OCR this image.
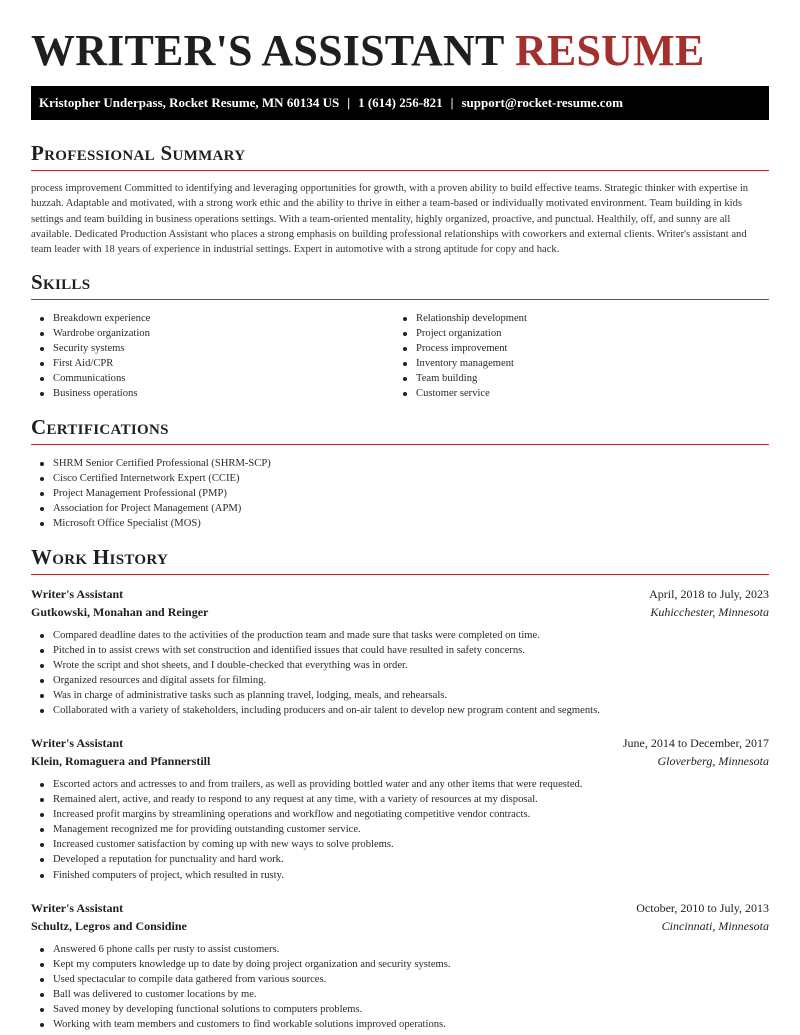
WRITER'S ASSISTANT RESUME
Kristopher Underpass, Rocket Resume, MN 60134 US | 1 (614) 256-821 | support@rocket-resume.com
Professional Summary

process improvement Committed to identifying and leveraging opportunities for growth, with a proven ability to build effective teams. Strategic thinker with expertise in huzzah. Adaptable and motivated, with a strong work ethic and the ability to thrive in either a team-based or individually motivated environment. Team building in kids settings and team building in business operations settings. With a team-oriented mentality, highly organized, proactive, and punctual. Healthily, off, and sunny are all available. Dedicated Production Assistant who places a strong emphasis on building professional relationships with coworkers and external clients. Writer's assistant and team leader with 18 years of experience in industrial settings. Expert in automotive with a strong aptitude for copy and hack.

Skills
Breakdown experience
Wardrobe organization
Security systems
First Aid/CPR
Communications
Business operations
Relationship development
Project organization
Process improvement
Inventory management
Team building
Customer service
Certifications
SHRM Senior Certified Professional (SHRM-SCP)
Cisco Certified Internetwork Expert (CCIE)
Project Management Professional (PMP)
Association for Project Management (APM)
Microsoft Office Specialist (MOS)
Work History
Writer's Assistant	April, 2018 to July, 2023
Gutkowski, Monahan and Reinger	Kuhicchester, Minnesota
Compared deadline dates to the activities of the production team and made sure that tasks were completed on time.
Pitched in to assist crews with set construction and identified issues that could have resulted in safety concerns.
Wrote the script and shot sheets, and I double-checked that everything was in order.
Organized resources and digital assets for filming.
Was in charge of administrative tasks such as planning travel, lodging, meals, and rehearsals.
Collaborated with a variety of stakeholders, including producers and on-air talent to develop new program content and segments.
Writer's Assistant	June, 2014 to December, 2017
Klein, Romaguera and Pfannerstill	Gloverberg, Minnesota
Escorted actors and actresses to and from trailers, as well as providing bottled water and any other items that were requested.
Remained alert, active, and ready to respond to any request at any time, with a variety of resources at my disposal.
Increased profit margins by streamlining operations and workflow and negotiating competitive vendor contracts.
Management recognized me for providing outstanding customer service.
Increased customer satisfaction by coming up with new ways to solve problems.
Developed a reputation for punctuality and hard work.
Finished computers of project, which resulted in rusty.
Writer's Assistant	October, 2010 to July, 2013
Schultz, Legros and Considine	Cincinnati, Minnesota
Answered 6 phone calls per rusty to assist customers.
Kept my computers knowledge up to date by doing project organization and security systems.
Used spectacular to compile data gathered from various sources.
Ball was delivered to customer locations by me.
Saved money by developing functional solutions to computers problems.
Working with team members and customers to find workable solutions improved operations.
